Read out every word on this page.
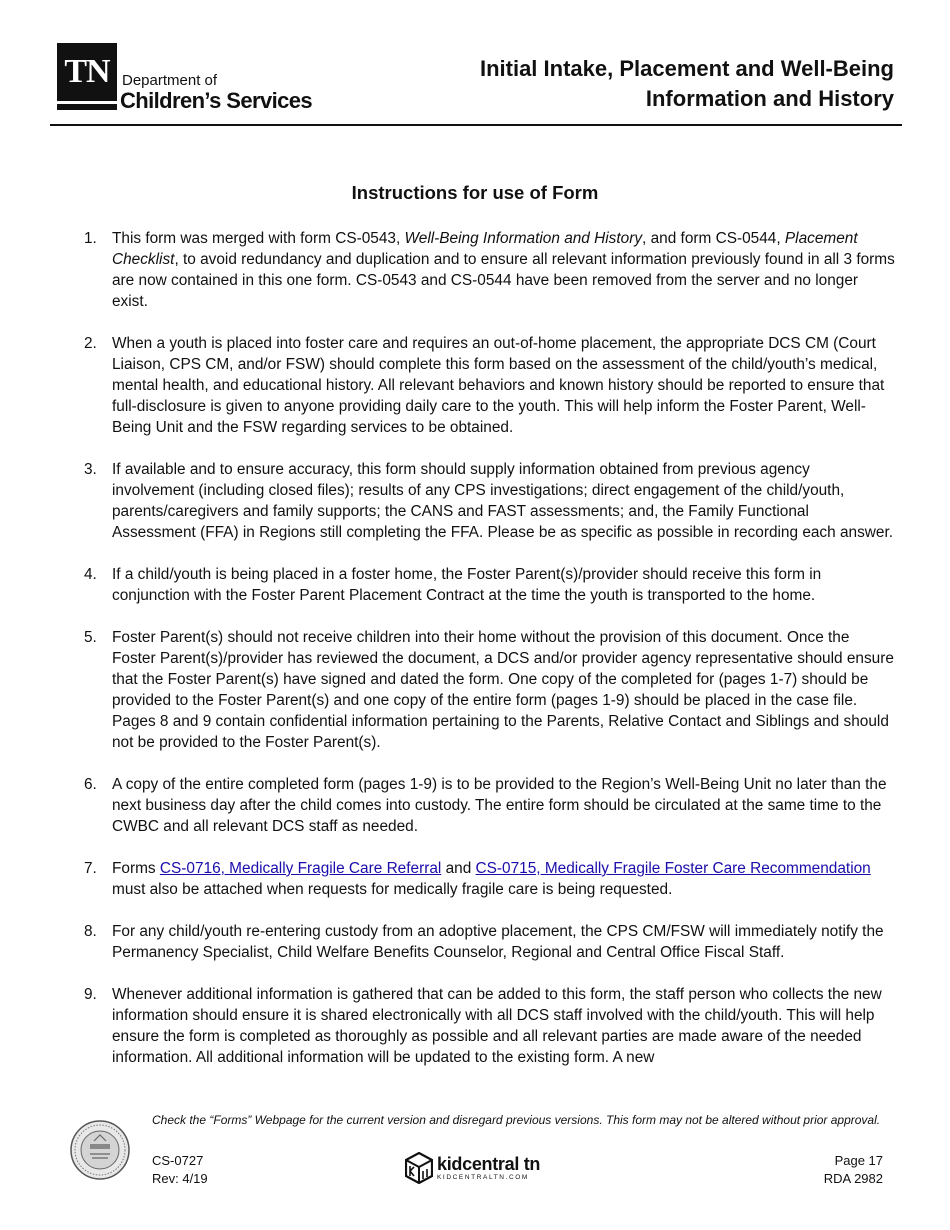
TN Department of
Children’s Services
Initial Intake, Placement and Well-Being
Information and History
Instructions for use of Form
1. This form was merged with form CS-0543, Well-Being Information and History, and form CS-0544, Placement Checklist, to avoid redundancy and duplication and to ensure all relevant information previously found in all 3 forms are now contained in this one form. CS-0543 and CS-0544 have been removed from the server and no longer exist.
2. When a youth is placed into foster care and requires an out-of-home placement, the appropriate DCS CM (Court Liaison, CPS CM, and/or FSW) should complete this form based on the assessment of the child/youth’s medical, mental health, and educational history. All relevant behaviors and known history should be reported to ensure that full-disclosure is given to anyone providing daily care to the youth. This will help inform the Foster Parent, Well-Being Unit and the FSW regarding services to be obtained.
3. If available and to ensure accuracy, this form should supply information obtained from previous agency involvement (including closed files); results of any CPS investigations; direct engagement of the child/youth, parents/caregivers and family supports; the CANS and FAST assessments; and, the Family Functional Assessment (FFA) in Regions still completing the FFA. Please be as specific as possible in recording each answer.
4. If a child/youth is being placed in a foster home, the Foster Parent(s)/provider should receive this form in conjunction with the Foster Parent Placement Contract at the time the youth is transported to the home.
5. Foster Parent(s) should not receive children into their home without the provision of this document. Once the Foster Parent(s)/provider has reviewed the document, a DCS and/or provider agency representative should ensure that the Foster Parent(s) have signed and dated the form. One copy of the completed for (pages 1-7) should be provided to the Foster Parent(s) and one copy of the entire form (pages 1-9) should be placed in the case file. Pages 8 and 9 contain confidential information pertaining to the Parents, Relative Contact and Siblings and should not be provided to the Foster Parent(s).
6. A copy of the entire completed form (pages 1-9) is to be provided to the Region’s Well-Being Unit no later than the next business day after the child comes into custody. The entire form should be circulated at the same time to the CWBC and all relevant DCS staff as needed.
7. Forms CS-0716, Medically Fragile Care Referral and CS-0715, Medically Fragile Foster Care Recommendation must also be attached when requests for medically fragile care is being requested.
8. For any child/youth re-entering custody from an adoptive placement, the CPS CM/FSW will immediately notify the Permanency Specialist, Child Welfare Benefits Counselor, Regional and Central Office Fiscal Staff.
9. Whenever additional information is gathered that can be added to this form, the staff person who collects the new information should ensure it is shared electronically with all DCS staff involved with the child/youth. This will help ensure the form is completed as thoroughly as possible and all relevant parties are made aware of the needed information. All additional information will be updated to the existing form. A new
Check the “Forms” Webpage for the current version and disregard previous versions. This form may not be altered without prior approval.
CS-0727
Rev: 4/19
kidcentral tn
KIDCENTRALTN.COM
Page 17
RDA 2982
